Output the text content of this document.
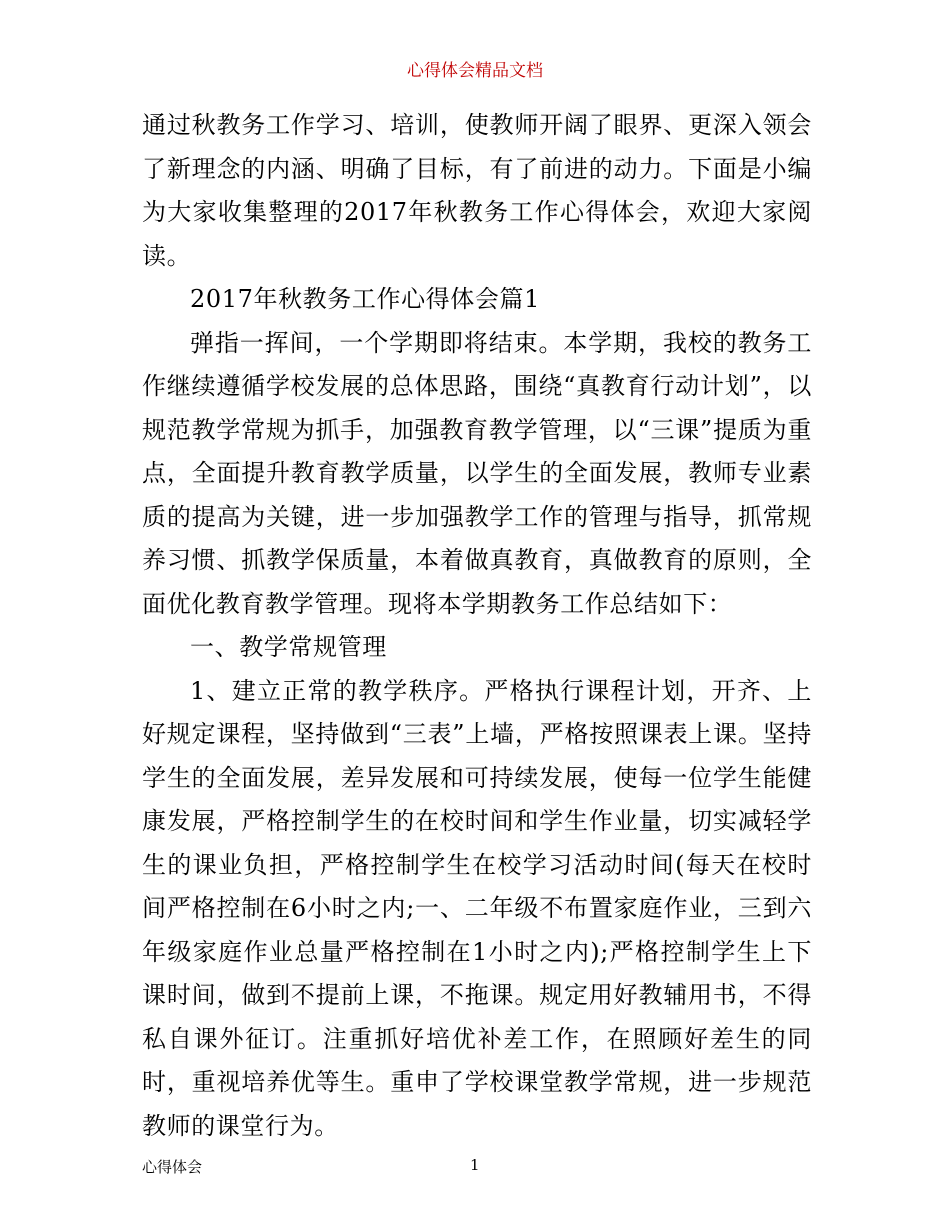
心得体会精品文档

通过秋教务工作学习、培训，使教师开阔了眼界、更深入领会了新理念的内涵、明确了目标，有了前进的动力。下面是小编为大家收集整理的2017年秋教务工作心得体会，欢迎大家阅读。

2017年秋教务工作心得体会篇1

弹指一挥间，一个学期即将结束。本学期，我校的教务工作继续遵循学校发展的总体思路，围绕“真教育行动计划”，以规范教学常规为抓手，加强教育教学管理，以“三课”提质为重点，全面提升教育教学质量，以学生的全面发展，教师专业素质的提高为关键，进一步加强教学工作的管理与指导，抓常规养习惯、抓教学保质量，本着做真教育，真做教育的原则，全面优化教育教学管理。现将本学期教务工作总结如下：

一、教学常规管理

1、建立正常的教学秩序。严格执行课程计划，开齐、上好规定课程，坚持做到“三表”上墙，严格按照课表上课。坚持学生的全面发展，差异发展和可持续发展，使每一位学生能健康发展，严格控制学生的在校时间和学生作业量，切实减轻学生的课业负担，严格控制学生在校学习活动时间(每天在校时间严格控制在6小时之内;一、二年级不布置家庭作业，三到六年级家庭作业总量严格控制在1小时之内);严格控制学生上下课时间，做到不提前上课，不拖课。规定用好教辅用书，不得私自课外征订。注重抓好培优补差工作，在照顾好差生的同时，重视培养优等生。重申了学校课堂教学常规，进一步规范教师的课堂行为。

心得体会	1
